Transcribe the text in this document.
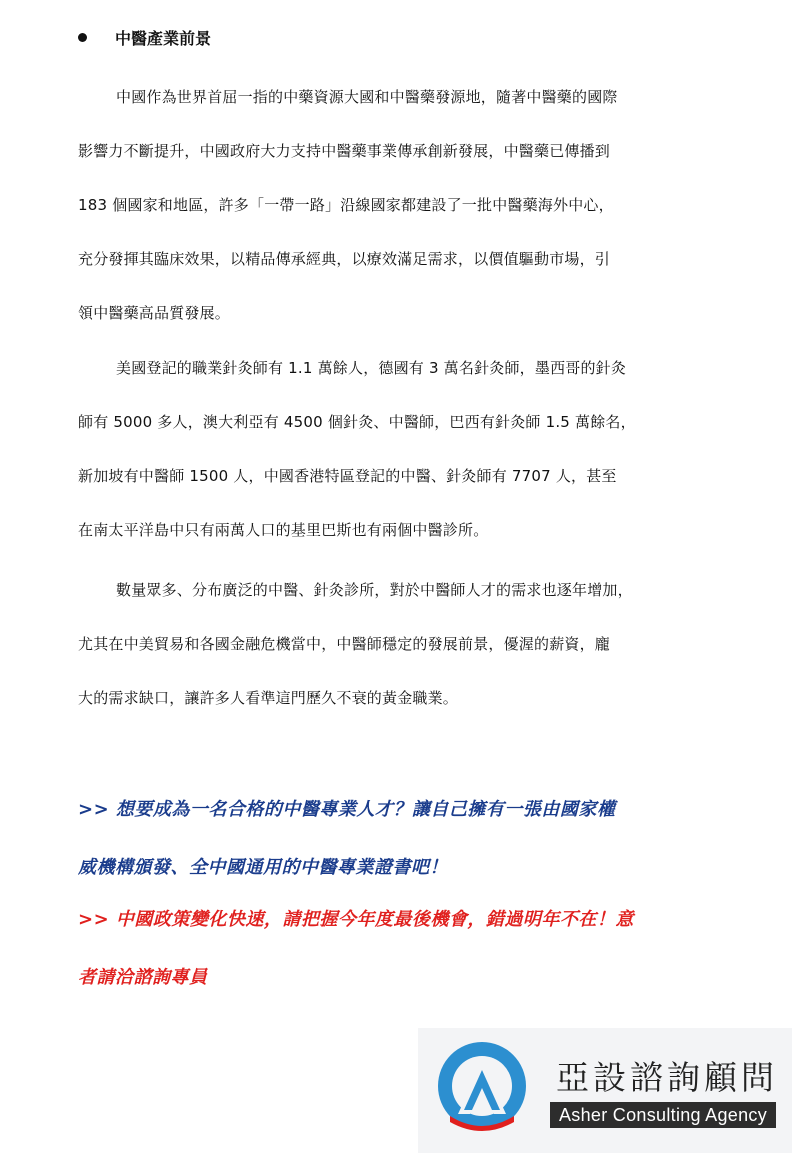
中醫產業前景
中國作為世界首屈一指的中藥資源大國和中醫藥發源地，隨著中醫藥的國際
影響力不斷提升，中國政府大力支持中醫藥事業傳承創新發展，中醫藥已傳播到
183 個國家和地區，許多「一帶一路」沿線國家都建設了一批中醫藥海外中心，
充分發揮其臨床效果，以精品傳承經典，以療效滿足需求，以價值驅動市場，引
領中醫藥高品質發展。
美國登記的職業針灸師有 1.1 萬餘人，德國有 3 萬名針灸師，墨西哥的針灸
師有 5000 多人，澳大利亞有 4500 個針灸、中醫師，巴西有針灸師 1.5 萬餘名，
新加坡有中醫師 1500 人，中國香港特區登記的中醫、針灸師有 7707 人，甚至
在南太平洋島中只有兩萬人口的基里巴斯也有兩個中醫診所。
數量眾多、分布廣泛的中醫、針灸診所，對於中醫師人才的需求也逐年增加，
尤其在中美貿易和各國金融危機當中，中醫師穩定的發展前景，優渥的薪資，龐
大的需求缺口，讓許多人看準這門歷久不衰的黃金職業。
>> 想要成為一名合格的中醫專業人才？讓自己擁有一張由國家權
威機構頒發、全中國通用的中醫專業證書吧！
>> 中國政策變化快速，請把握今年度最後機會，錯過明年不在！意
者請洽諮詢專員
亞設諮詢顧問
Asher Consulting Agency
